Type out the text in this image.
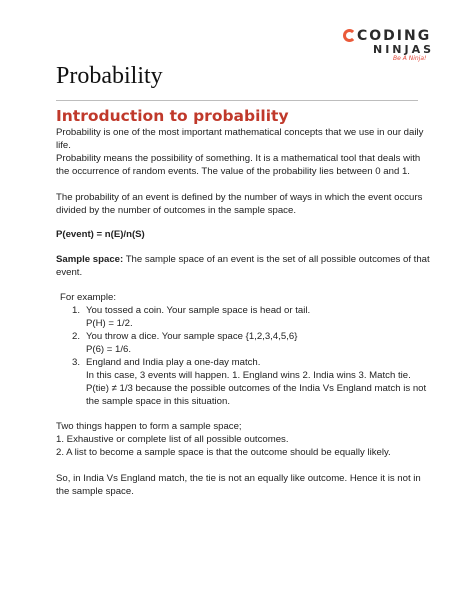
CODING
NINJAS
Be A Ninja!
Probability
Introduction to probability
Probability is one of the most important mathematical concepts that we use in our daily
life.
Probability means the possibility of something. It is a mathematical tool that deals with
the occurrence of random events. The value of the probability lies between 0 and 1.
The probability of an event is defined by the number of ways in which the event occurs
divided by the number of outcomes in the sample space.
P(event) = n(E)/n(S)
Sample space: The sample space of an event is the set of all possible outcomes of that
event.
For example:
1. You tossed a coin. Your sample space is head or tail.
P(H) = 1/2.
2. You throw a dice. Your sample space {1,2,3,4,5,6}
P(6) = 1/6.
3. England and India play a one-day match.
In this case, 3 events will happen. 1. England wins 2. India wins 3. Match tie.
P(tie) ≠ 1/3 because the possible outcomes of the India Vs England match is not
the sample space in this situation.
Two things happen to form a sample space;
1. Exhaustive or complete list of all possible outcomes.
2. A list to become a sample space is that the outcome should be equally likely.
So, in India Vs England match, the tie is not an equally like outcome. Hence it is not in
the sample space.
